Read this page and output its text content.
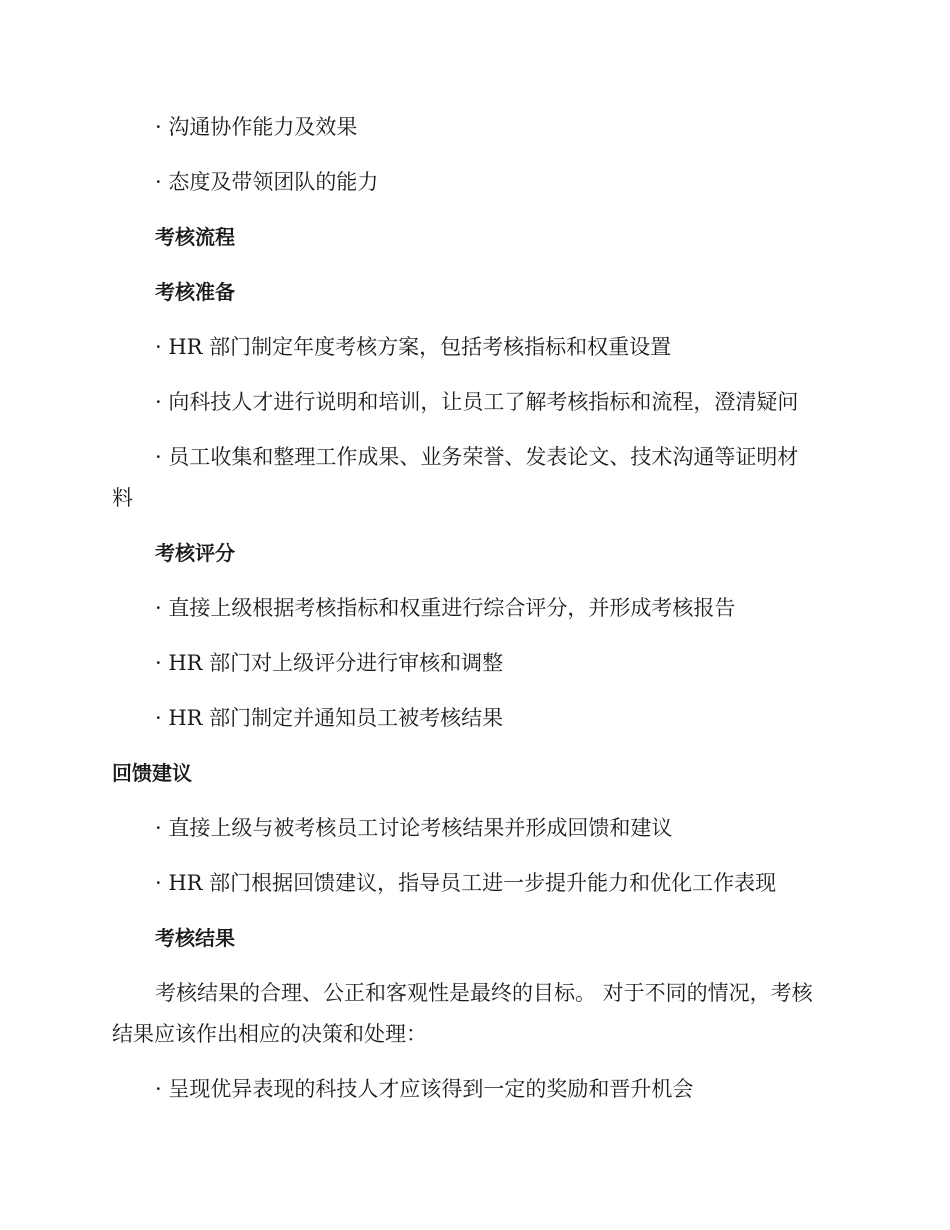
· 沟通协作能力及效果
· 态度及带领团队的能力
考核流程
考核准备
· HR 部门制定年度考核方案，包括考核指标和权重设置
· 向科技人才进行说明和培训，让员工了解考核指标和流程，澄清疑问
· 员工收集和整理工作成果、业务荣誉、发表论文、技术沟通等证明材
料
考核评分
· 直接上级根据考核指标和权重进行综合评分，并形成考核报告
· HR 部门对上级评分进行审核和调整
· HR 部门制定并通知员工被考核结果
回馈建议
· 直接上级与被考核员工讨论考核结果并形成回馈和建议
· HR 部门根据回馈建议，指导员工进一步提升能力和优化工作表现
考核结果
考核结果的合理、公正和客观性是最终的目标。 对于不同的情况，考核
结果应该作出相应的决策和处理：
· 呈现优异表现的科技人才应该得到一定的奖励和晋升机会
